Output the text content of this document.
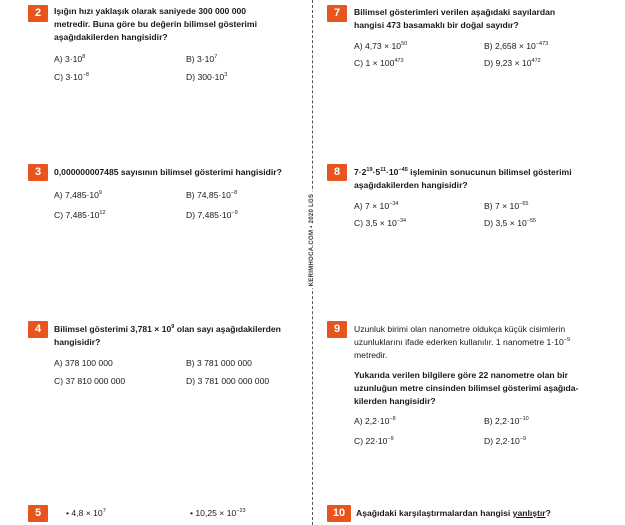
KERIMHOCA.COM • 2020 LGS
2	Işığın hızı yaklaşık olarak saniyede 300 000 000
metredir. Buna göre bu değerin bilimsel gösterimi
aşağıdakilerden hangisidir?
A) $3\cdot 10^8$	B) $3\cdot 10^7$
C) $3\cdot 10^{-8}$	D) $300\cdot 10^3$
3	0,000000007485 sayısının bilimsel gösterimi hangisidir?
A) $7,485\cdot 10^9$	B) $74,85\cdot 10^{-8}$
C) $7,485\cdot 10^{12}$	D) $7,485\cdot 10^{-9}$
4	Bilimsel gösterimi $3,781 \times 10^9$ olan sayı aşağıdakilerden
hangisidir?
A) 378 100 000	B) 3 781 000 000
C) 37 810 000 000	D) 3 781 000 000 000
5	• $4,8 \times 10^7$	• $10,25 \times 10^{-23}$
7	Bilimsel gösterimleri verilen aşağıdaki sayılardan
hangisi 473 basamaklı bir doğal sayıdır?
A) $4,73 \times 10^{50}$	B) $2,658 \times 10^{-473}$
C) $1 \times 100^{473}$	D) $9,23 \times 10^{472}$
8	$7\cdot 2^{19}\cdot 5^{11}\cdot 10^{-45}$ işleminin sonucunun bilimsel gösterimi
aşağıdakilerden hangisidir?
A) $7 \times 10^{-34}$	B) $7 \times 10^{-65}$
C) $3,5 \times 10^{-34}$	D) $3,5 \times 10^{-55}$
9	Uzunluk birimi olan nanometre oldukça küçük cisimlerin
uzunluklarını ifade ederken kullanılır. 1 nanometre $1\cdot 10^{-9}$
metredir.
Yukarıda verilen bilgilere göre 22 nanometre olan bir
uzunluğun metre cinsinden bilimsel gösterimi aşağıda-
kilerden hangisidir?
A) $2,2\cdot 10^{-8}$	B) $2,2\cdot 10^{-10}$
C) $22\cdot 10^{-9}$	D) $2,2\cdot 10^{-9}$
10	Aşağıdaki karşılaştırmalardan hangisi yanlıştır?
